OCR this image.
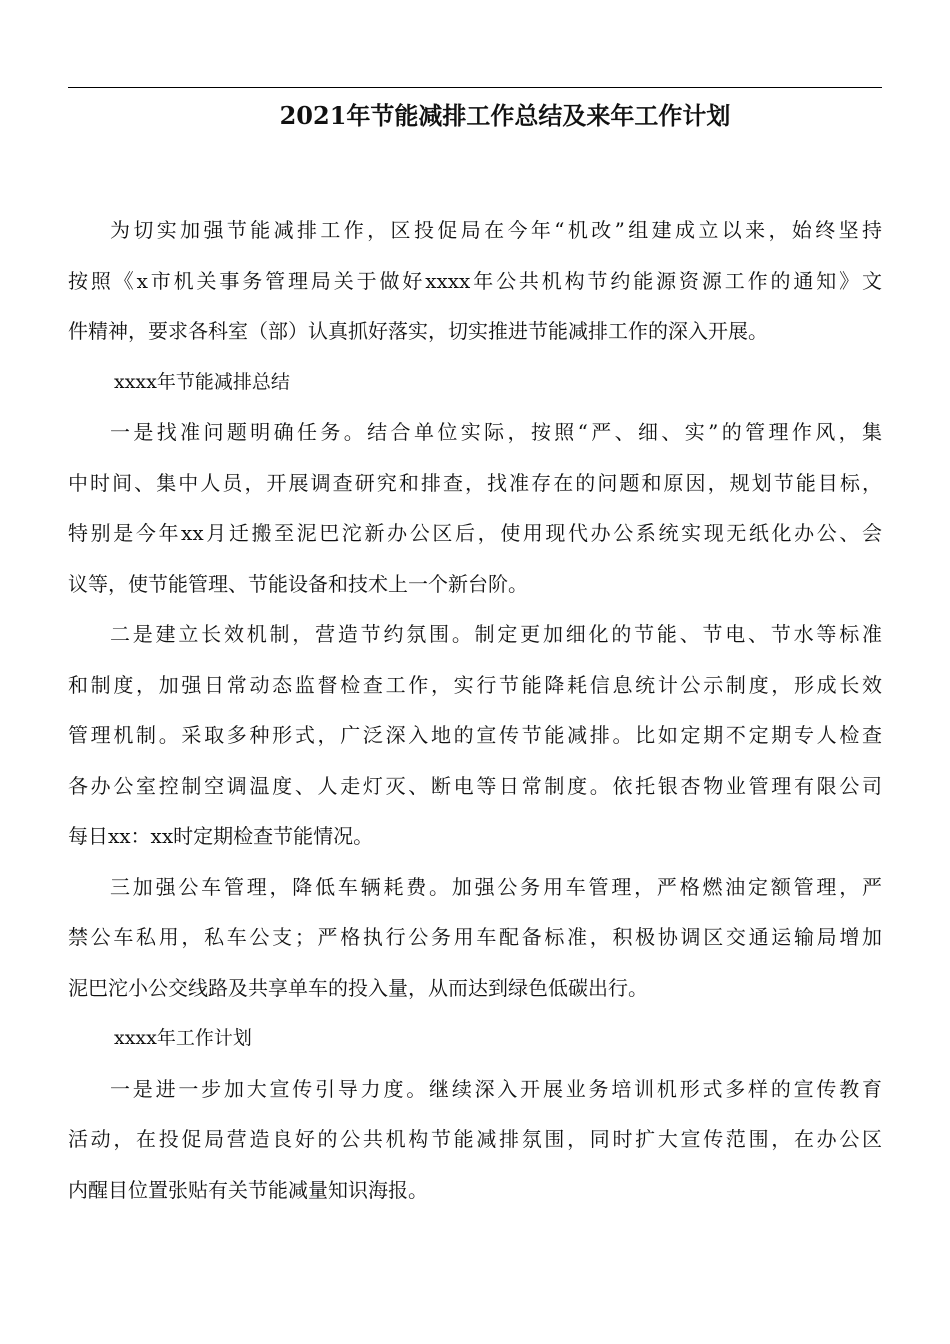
2021年节能减排工作总结及来年工作计划

为切实加强节能减排工作，区投促局在今年“机改”组建成立以来，始终坚持
按照《x市机关事务管理局关于做好xxxx年公共机构节约能源资源工作的通知》文
件精神，要求各科室（部）认真抓好落实，切实推进节能减排工作的深入开展。

xxxx年节能减排总结

一是找准问题明确任务。结合单位实际，按照“严、细、实”的管理作风，集
中时间、集中人员，开展调查研究和排查，找准存在的问题和原因，规划节能目标，
特别是今年xx月迁搬至泥巴沱新办公区后，使用现代办公系统实现无纸化办公、会
议等，使节能管理、节能设备和技术上一个新台阶。

二是建立长效机制，营造节约氛围。制定更加细化的节能、节电、节水等标准
和制度，加强日常动态监督检查工作，实行节能降耗信息统计公示制度，形成长效
管理机制。采取多种形式，广泛深入地的宣传节能减排。比如定期不定期专人检查
各办公室控制空调温度、人走灯灭、断电等日常制度。依托银杏物业管理有限公司
每日xx：xx时定期检查节能情况。

三加强公车管理，降低车辆耗费。加强公务用车管理，严格燃油定额管理，严
禁公车私用，私车公支；严格执行公务用车配备标准，积极协调区交通运输局增加
泥巴沱小公交线路及共享单车的投入量，从而达到绿色低碳出行。

xxxx年工作计划

一是进一步加大宣传引导力度。继续深入开展业务培训机形式多样的宣传教育
活动，在投促局营造良好的公共机构节能减排氛围，同时扩大宣传范围，在办公区
内醒目位置张贴有关节能减量知识海报。
